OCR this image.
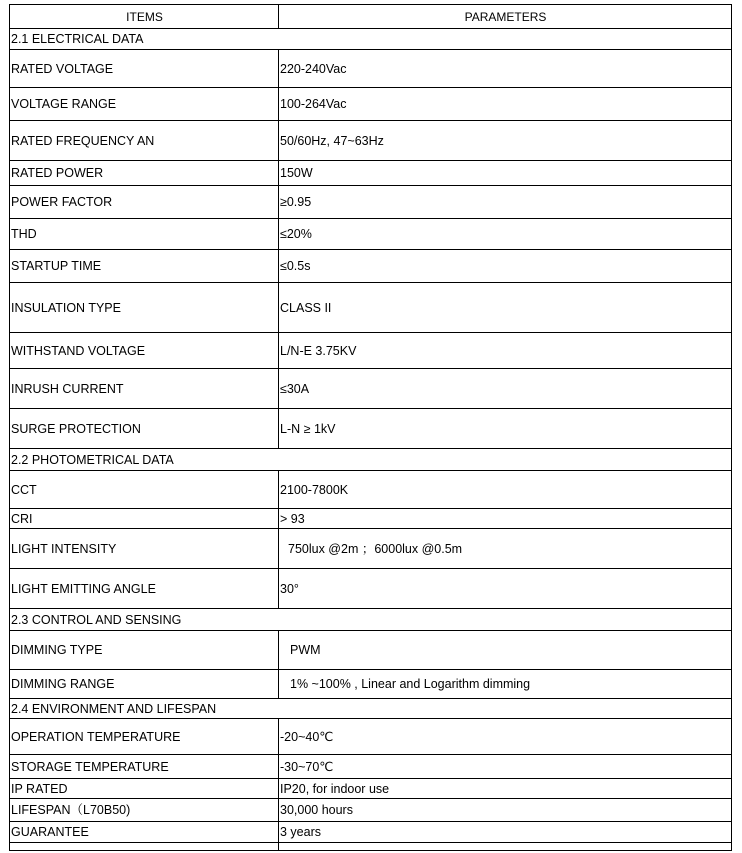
ITEMS	PARAMETERS
2.1 ELECTRICAL DATA	
RATED VOLTAGE	220-240Vac
VOLTAGE RANGE	100-264Vac
RATED FREQUENCY AN	50/60Hz, 47~63Hz
RATED POWER	150W
POWER FACTOR	≥0.95
THD	≤20%
STARTUP TIME	≤0.5s
INSULATION TYPE	CLASS II
WITHSTAND VOLTAGE	L/N-E 3.75KV
INRUSH CURRENT	≤30A
SURGE PROTECTION	L-N ≥ 1kV
2.2 PHOTOMETRICAL DATA	
CCT	2100-7800K
CRI	> 93
LIGHT INTENSITY	750lux @2m ；6000lux @0.5m
LIGHT EMITTING ANGLE	30°
2.3 CONTROL AND SENSING	
DIMMING TYPE	PWM
DIMMING RANGE	1% ~100% , Linear and Logarithm dimming
2.4 ENVIRONMENT AND LIFESPAN	
OPERATION TEMPERATURE	-20~40℃
STORAGE TEMPERATURE	-30~70℃
IP RATED	IP20, for indoor use
LIFESPAN（L70B50)	30,000 hours
GUARANTEE	3 years
